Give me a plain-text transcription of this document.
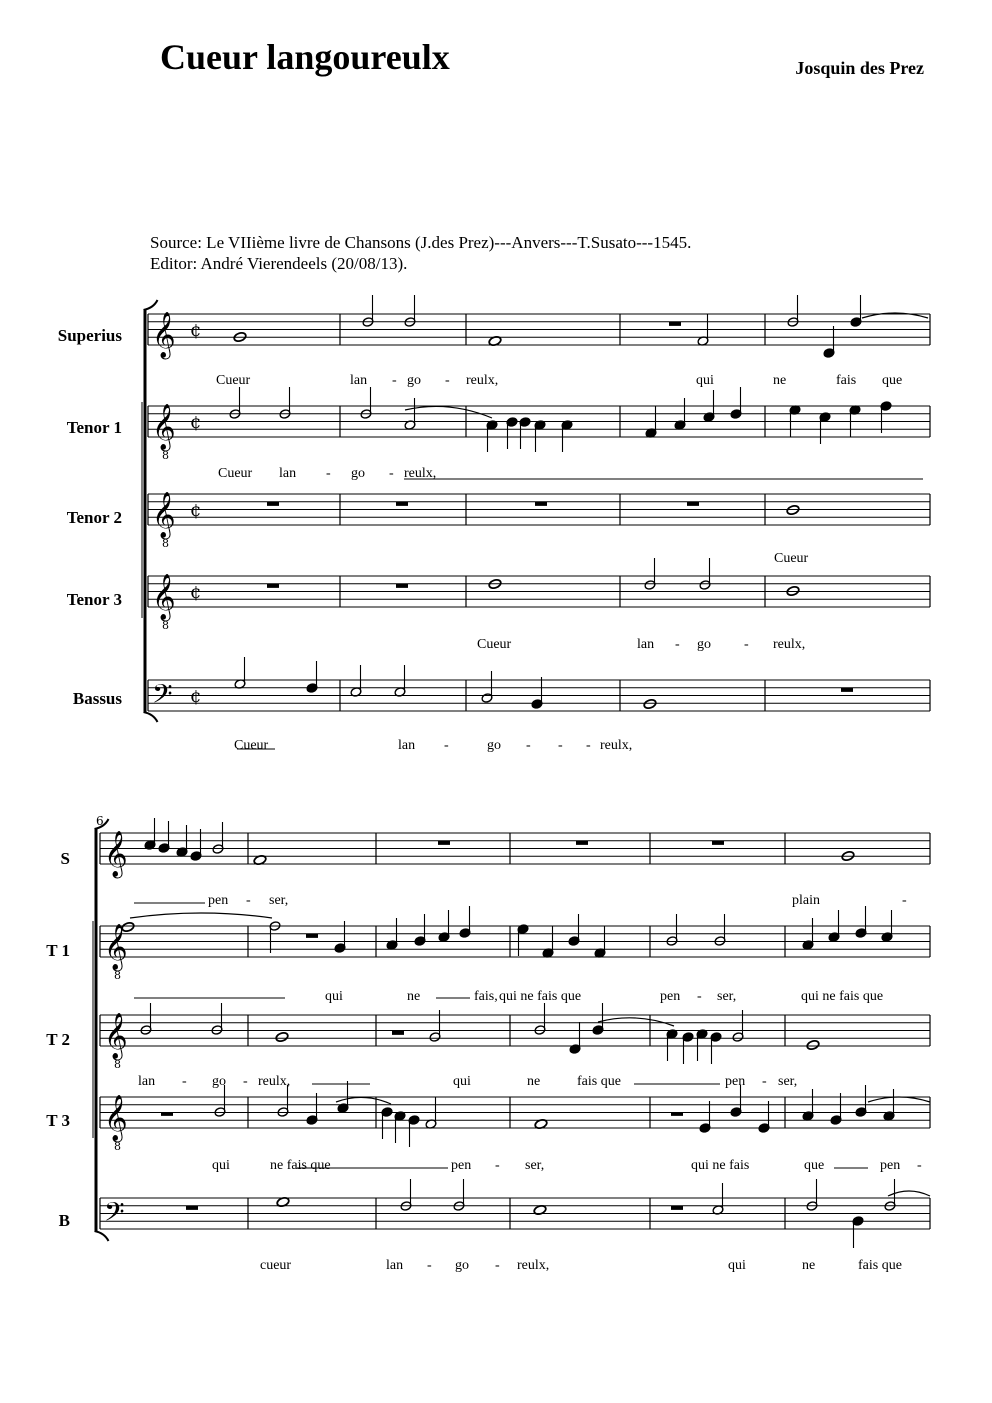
Cueur langoureulx	Josquin des Prez
Source: Le VIIième livre de Chansons (J.des Prez)---Anvers---T.Susato---1545.
Editor: André Vierendeels (20/08/13).
Superius
Tenor 1
Tenor 2
Tenor 3
Bassus
S
T 1
T 2
T 3
B
Cueur	lan - go - reulx,	qui	ne	fais que
Cueur lan - go - reulx,
Cueur
Cueur	lan - go - reulx,
Cueur	lan -	go - - - reulx,
pen - ser,	plain	-
qui	ne	fais, qui ne fais que	pen - ser,	qui ne fais que
lan - go - reulx,	qui	ne	fais que	pen - ser,
qui	ne fais que	pen - ser,	qui ne fais	que	pen -
cueur	lan - go - reulx,	qui	ne	fais que
𝄞 ¢
𝄞
8
¢
𝄞
8
¢
𝄞
8
¢
𝄢 ¢
𝄞
𝄞
8
𝄞
8
𝄞
8
𝄢
6
